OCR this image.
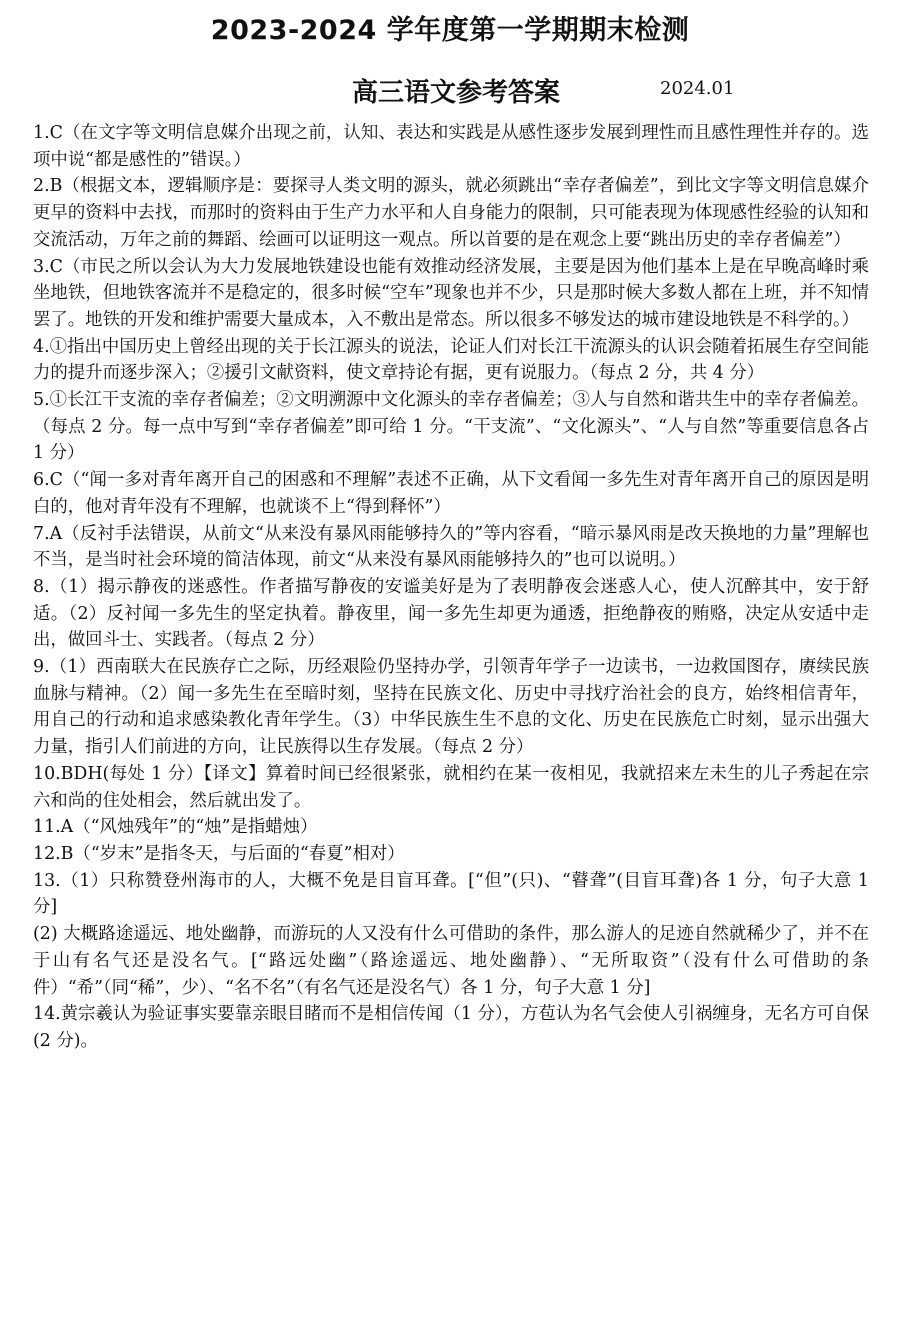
2023-2024 学年度第一学期期末检测
高三语文参考答案	2024.01

1.C（在文字等文明信息媒介出现之前，认知、表达和实践是从感性逐步发展到理性而且感性理性并存的。选项中说“都是感性的”错误。）

2.B（根据文本，逻辑顺序是：要探寻人类文明的源头，就必须跳出“幸存者偏差”，到比文字等文明信息媒介更早的资料中去找，而那时的资料由于生产力水平和人自身能力的限制，只可能表现为体现感性经验的认知和交流活动，万年之前的舞蹈、绘画可以证明这一观点。所以首要的是在观念上要“跳出历史的幸存者偏差”）

3.C（市民之所以会认为大力发展地铁建设也能有效推动经济发展，主要是因为他们基本上是在早晚高峰时乘坐地铁，但地铁客流并不是稳定的，很多时候“空车”现象也并不少，只是那时候大多数人都在上班，并不知情罢了。地铁的开发和维护需要大量成本，入不敷出是常态。所以很多不够发达的城市建设地铁是不科学的。）

4.①指出中国历史上曾经出现的关于长江源头的说法，论证人们对长江干流源头的认识会随着拓展生存空间能力的提升而逐步深入；②援引文献资料，使文章持论有据，更有说服力。（每点 2 分，共 4 分）

5.①长江干支流的幸存者偏差；②文明溯源中文化源头的幸存者偏差；③人与自然和谐共生中的幸存者偏差。（每点 2 分。每一点中写到“幸存者偏差”即可给 1 分。“干支流”、“文化源头”、“人与自然”等重要信息各占 1 分）

6.C（“闻一多对青年离开自己的困惑和不理解”表述不正确，从下文看闻一多先生对青年离开自己的原因是明白的，他对青年没有不理解，也就谈不上“得到释怀”）

7.A（反衬手法错误，从前文“从来没有暴风雨能够持久的”等内容看，“暗示暴风雨是改天换地的力量”理解也不当，是当时社会环境的简洁体现，前文“从来没有暴风雨能够持久的”也可以说明。）

8.（1）揭示静夜的迷惑性。作者描写静夜的安谧美好是为了表明静夜会迷惑人心，使人沉醉其中，安于舒适。（2）反衬闻一多先生的坚定执着。静夜里，闻一多先生却更为通透，拒绝静夜的贿赂，决定从安适中走出，做回斗士、实践者。（每点 2 分）

9.（1）西南联大在民族存亡之际，历经艰险仍坚持办学，引领青年学子一边读书，一边救国图存，赓续民族血脉与精神。（2）闻一多先生在至暗时刻，坚持在民族文化、历史中寻找疗治社会的良方，始终相信青年，用自己的行动和追求感染教化青年学生。（3）中华民族生生不息的文化、历史在民族危亡时刻，显示出强大力量，指引人们前进的方向，让民族得以生存发展。（每点 2 分）

10.BDH(每处 1 分）【译文】算着时间已经很紧张，就相约在某一夜相见，我就招来左未生的儿子秀起在宗六和尚的住处相会，然后就出发了。

11.A（“风烛残年”的“烛”是指蜡烛）

12.B（“岁末”是指冬天，与后面的“春夏”相对）

13.（1）只称赞登州海市的人，大概不免是目盲耳聋。[“但”(只)、“瞽聋”(目盲耳聋)各 1 分，句子大意 1 分]

(2) 大概路途遥远、地处幽静，而游玩的人又没有什么可借助的条件，那么游人的足迹自然就稀少了，并不在于山有名气还是没名气。[“路远处幽”（路途遥远、地处幽静）、“无所取资”（没有什么可借助的条件）“希”（同“稀”，少）、“名不名”（有名气还是没名气）各 1 分，句子大意 1 分]

14.黄宗羲认为验证事实要靠亲眼目睹而不是相信传闻（1 分），方苞认为名气会使人引祸缠身，无名方可自保(2 分)。
